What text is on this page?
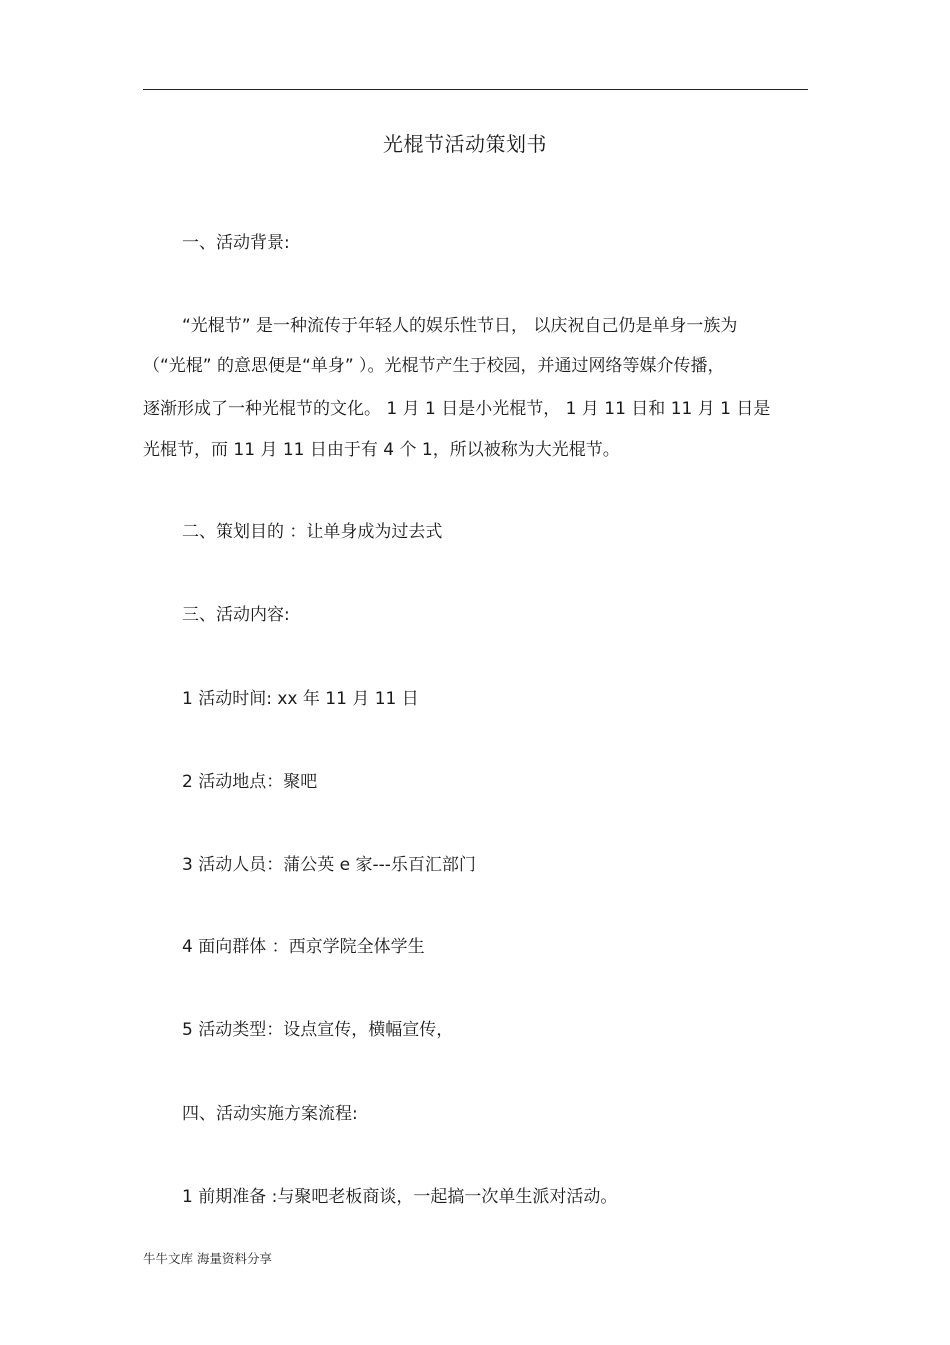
光棍节活动策划书
一、活动背景:
“光棍节” 是一种流传于年轻人的娱乐性节日， 以庆祝自己仍是单身一族为
（“光棍” 的意思便是“单身” ）。光棍节产生于校园，并通过网络等媒介传播，
逐渐形成了一种光棍节的文化。 1 月 1 日是小光棍节， 1 月 11 日和 11 月 1 日是
光棍节，而 11 月 11 日由于有 4 个 1，所以被称为大光棍节。
二、策划目的 ：让单身成为过去式
三、活动内容:
1 活动时间: xx 年 11 月 11 日
2 活动地点：聚吧
3 活动人员：蒲公英 e 家---乐百汇部门
4 面向群体 ：西京学院全体学生
5 活动类型：设点宣传，横幅宣传，
四、活动实施方案流程:
1 前期准备 :与聚吧老板商谈，一起搞一次单生派对活动。
牛牛文库 海量资料分享
